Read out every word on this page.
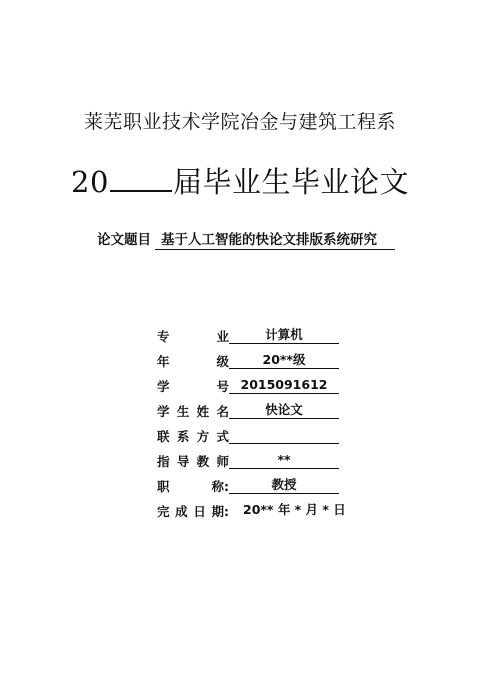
莱芜职业技术学院冶金与建筑工程系
20 届毕业生毕业论文
论文题目 基于人工智能的快论文排版系统研究
专	业	计算机
年	级	20**级
学	号 2015091612
学 生 姓 名	快论文
联 系 方 式
指 导 教 师	**
职	称:	教授
完 成 日 期: 20** 年 * 月 * 日
